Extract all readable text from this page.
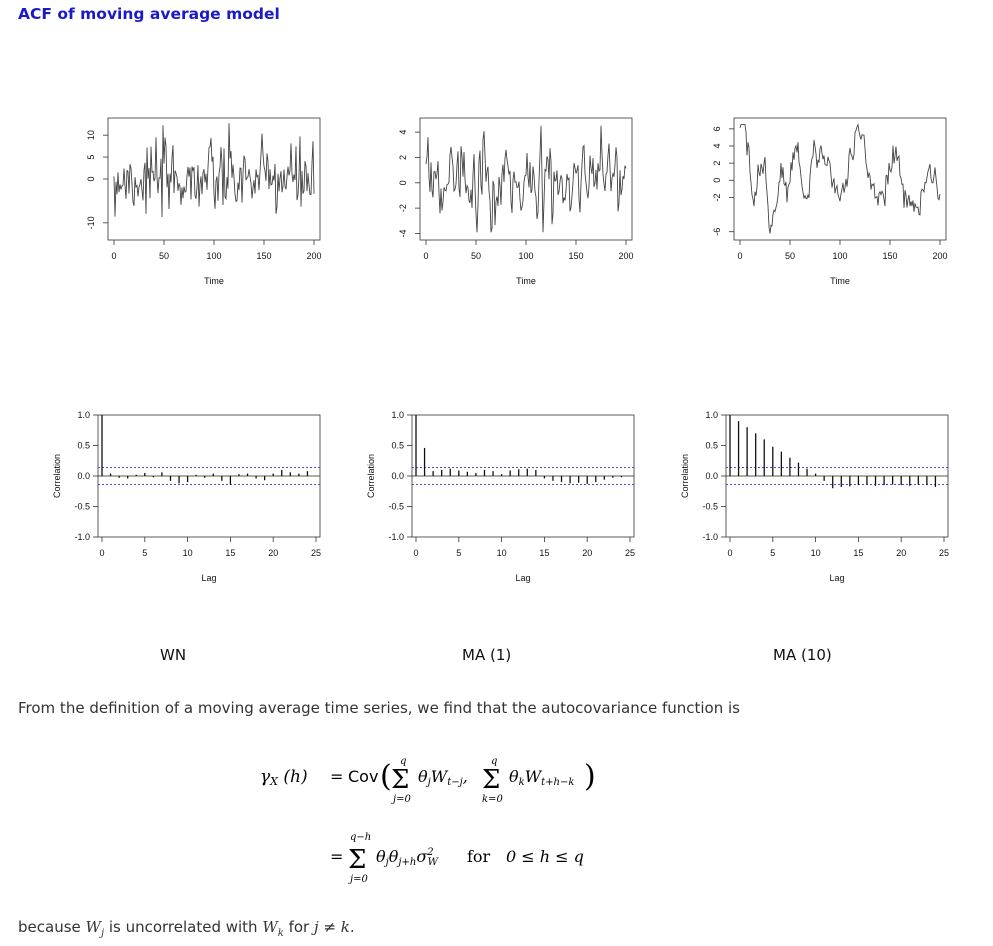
ACF of moving average model
0	50	100	150	200
Time
-10
0
5
10
0	50	100	150	200
Time
-4
-2
0
2
4
0	50	100	150	200
Time
-6
-2
0
2
4
6
0	5	10	15	20	25
Lag
1.0
0.5
0.0
-0.5
-1.0
Correlation
0	5	10	15	20	25
Lag
1.0
0.5
0.0
-0.5
-1.0
Correlation
0	5	10	15	20	25
Lag
1.0
0.5
0.0
-0.5
-1.0
Correlation
WN	MA (1)	MA (10)
From the definition of a moving average time series, we find that the autocovariance function is
γX (h) = Cov ( Σ
q
j=0
θjWt−j, Σ
q
k=0
θkWt+h−k )
= Σ
q−h
j=0
$\theta j\theta j+h\sigma^2$ W for 0 ≤ h ≤ q
because $W_j$ is uncorrelated with $W_k$ for j ≠ k.
